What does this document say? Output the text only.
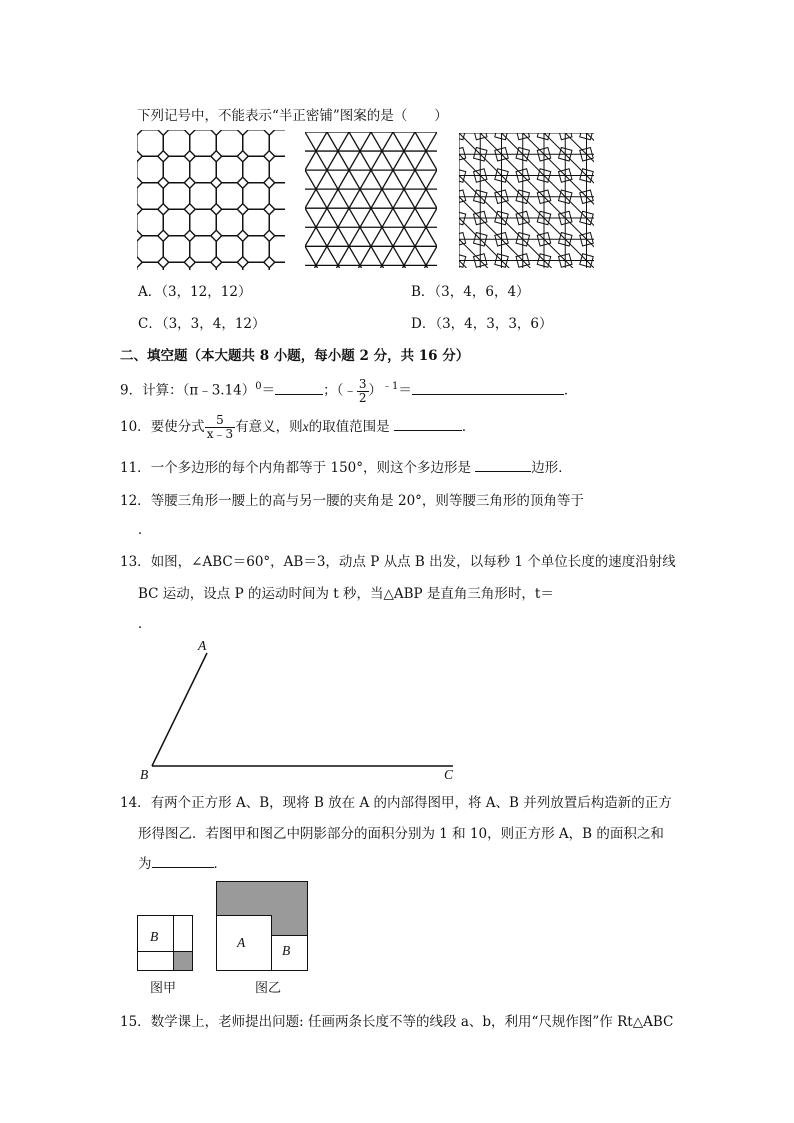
下列记号中，不能表示“半正密铺”图案的是（　　）
A．（3，12，12）	B．（3，4，6，4）
C．（3，3，4，12）	D．（3，4，3，3，6）
二、填空题（本大题共 8 小题，每小题 2 分，共 16 分）
9．计算：（π﹣3.14）$^0$＝	；（﹣ $\frac{3}{2} )^{﹣1}=$	．
10．要使分式 $\frac{5}{x﹣3}$ 有意义，则x的取值范围是	．
11．一个多边形的每个内角都等于 150°，则这个多边形是	边形．
12．等腰三角形一腰上的高与另一腰的夹角是 20°，则等腰三角形的顶角等于
．
13．如图，∠ABC＝60°，AB＝3，动点 P 从点 B 出发，以每秒 1 个单位长度的速度沿射线
BC 运动，设点 P 的运动时间为 t 秒，当△ABP 是直角三角形时，t＝
．
A
B	C
14．有两个正方形 A、B，现将 B 放在 A 的内部得图甲，将 A、B 并列放置后构造新的正方
形得图乙．若图甲和图乙中阴影部分的面积分别为 1 和 10，则正方形 A，B 的面积之和
为	．
B
图甲
A
B
图乙
15．数学课上，老师提出问题: 任画两条长度不等的线段 a、b，利用“尺规作图”作 Rt△ABC
